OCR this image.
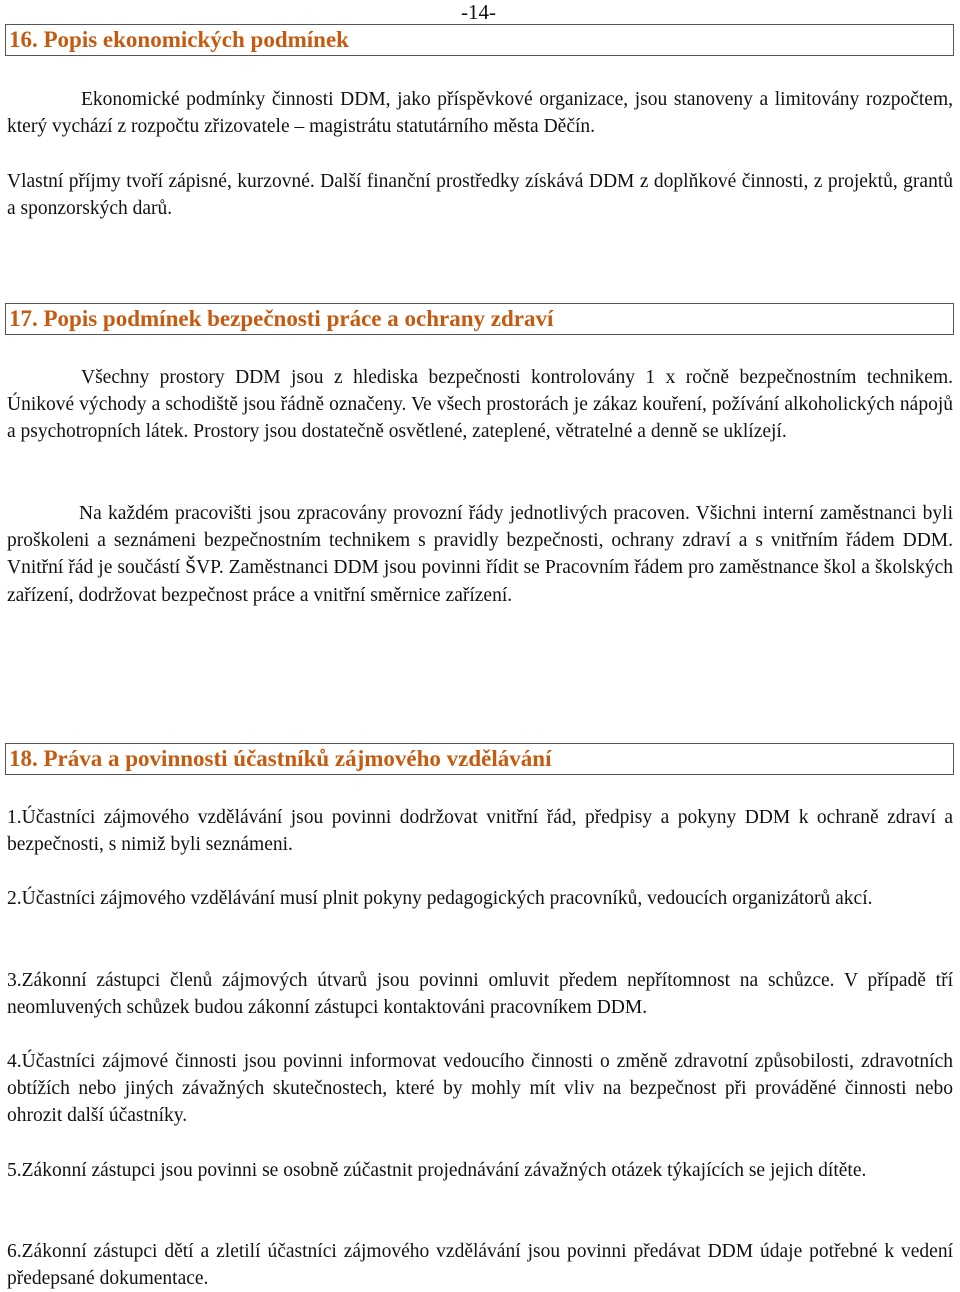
-14-
16. Popis ekonomických podmínek

Ekonomické podmínky činnosti DDM, jako příspěvkové organizace, jsou stanoveny a limitovány rozpočtem, který vychází z rozpočtu zřizovatele – magistrátu statutárního města Děčín.

Vlastní příjmy tvoří zápisné, kurzovné. Další finanční prostředky získává DDM z doplňkové činnosti, z projektů, grantů a sponzorských darů.

17. Popis podmínek bezpečnosti práce a ochrany zdraví

Všechny prostory DDM jsou z hlediska bezpečnosti kontrolovány 1 x ročně bezpečnostním technikem. Únikové východy a schodiště jsou řádně označeny. Ve všech prostorách je zákaz kouření, požívání alkoholických nápojů a psychotropních látek. Prostory jsou dostatečně osvětlené, zateplené, větratelné a denně se uklízejí.

Na každém pracovišti jsou zpracovány provozní řády jednotlivých pracoven. Všichni interní zaměstnanci byli proškoleni a seznámeni bezpečnostním technikem s pravidly bezpečnosti, ochrany zdraví a s vnitřním řádem DDM. Vnitřní řád je součástí ŠVP. Zaměstnanci DDM jsou povinni řídit se Pracovním řádem pro zaměstnance škol a školských zařízení, dodržovat bezpečnost práce a vnitřní směrnice zařízení.

18. Práva a povinnosti účastníků zájmového vzdělávání

1.Účastníci zájmového vzdělávání jsou povinni dodržovat vnitřní řád, předpisy a pokyny DDM k ochraně zdraví a bezpečnosti, s nimiž byli seznámeni.

2.Účastníci zájmového vzdělávání musí plnit pokyny pedagogických pracovníků, vedoucích organizátorů akcí.

3.Zákonní zástupci členů zájmových útvarů jsou povinni omluvit předem nepřítomnost na schůzce. V případě tří neomluvených schůzek budou zákonní zástupci kontaktováni pracovníkem DDM.

4.Účastníci zájmové činnosti jsou povinni informovat vedoucího činnosti o změně zdravotní způsobilosti, zdravotních obtížích nebo jiných závažných skutečnostech, které by mohly mít vliv na bezpečnost při prováděné činnosti nebo ohrozit další účastníky.

5.Zákonní zástupci jsou povinni se osobně zúčastnit projednávání závažných otázek týkajících se jejich dítěte.

6.Zákonní zástupci dětí a zletilí účastníci zájmového vzdělávání jsou povinni předávat DDM údaje potřebné k vedení předepsané dokumentace.
